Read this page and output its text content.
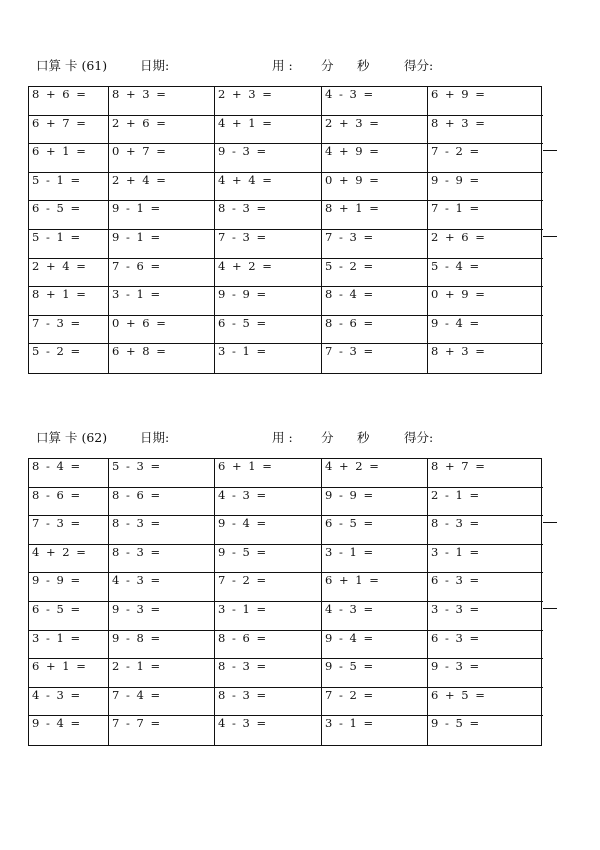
口算 卡 (61)	日期:	用 : 分 秒	得分:
8 + 6 =	8 + 3 =	2 + 3 =	4 - 3 =	6 + 9 =
6 + 7 =	2 + 6 =	4 + 1 =	2 + 3 =	8 + 3 =
6 + 1 =	0 + 7 =	9 - 3 =	4 + 9 =	7 - 2 =
5 - 1 =	2 + 4 =	4 + 4 =	0 + 9 =	9 - 9 =
6 - 5 =	9 - 1 =	8 - 3 =	8 + 1 =	7 - 1 =
5 - 1 =	9 - 1 =	7 - 3 =	7 - 3 =	2 + 6 =
2 + 4 =	7 - 6 =	4 + 2 =	5 - 2 =	5 - 4 =
8 + 1 =	3 - 1 =	9 - 9 =	8 - 4 =	0 + 9 =
7 - 3 =	0 + 6 =	6 - 5 =	8 - 6 =	9 - 4 =
5 - 2 =	6 + 8 =	3 - 1 =	7 - 3 =	8 + 3 =
口算 卡 (62)	日期:	用 : 分 秒	得分:
8 - 4 =	5 - 3 =	6 + 1 =	4 + 2 =	8 + 7 =
8 - 6 =	8 - 6 =	4 - 3 =	9 - 9 =	2 - 1 =
7 - 3 =	8 - 3 =	9 - 4 =	6 - 5 =	8 - 3 =
4 + 2 =	8 - 3 =	9 - 5 =	3 - 1 =	3 - 1 =
9 - 9 =	4 - 3 =	7 - 2 =	6 + 1 =	6 - 3 =
6 - 5 =	9 - 3 =	3 - 1 =	4 - 3 =	3 - 3 =
3 - 1 =	9 - 8 =	8 - 6 =	9 - 4 =	6 - 3 =
6 + 1 =	2 - 1 =	8 - 3 =	9 - 5 =	9 - 3 =
4 - 3 =	7 - 4 =	8 - 3 =	7 - 2 =	6 + 5 =
9 - 4 =	7 - 7 =	4 - 3 =	3 - 1 =	9 - 5 =
